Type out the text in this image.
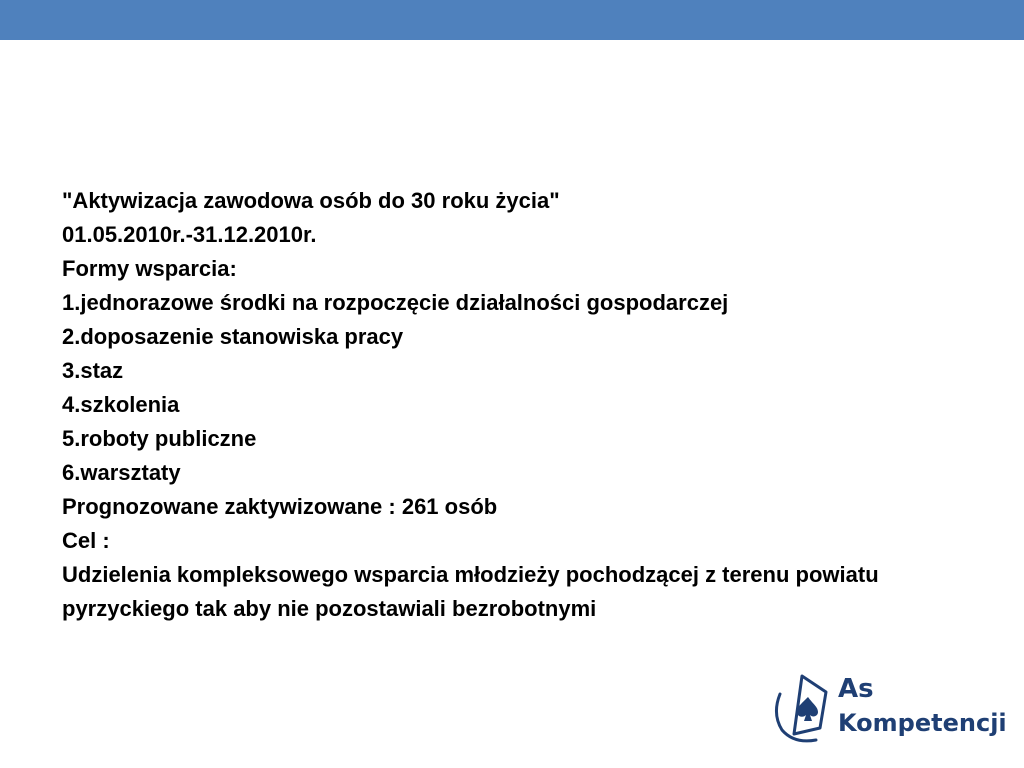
"Aktywizacja zawodowa osób do 30 roku życia"
01.05.2010r.-31.12.2010r.
Formy wsparcia:
1.jednorazowe środki na rozpoczęcie działalności gospodarczej
2.doposazenie stanowiska pracy
3.staz
4.szkolenia
5.roboty publiczne
6.warsztaty
Prognozowane zaktywizowane : 261 osób
Cel :
Udzielenia kompleksowego wsparcia młodzieży pochodzącej z terenu powiatu pyrzyckiego tak aby nie pozostawiali bezrobotnymi
As
Kompetencji
